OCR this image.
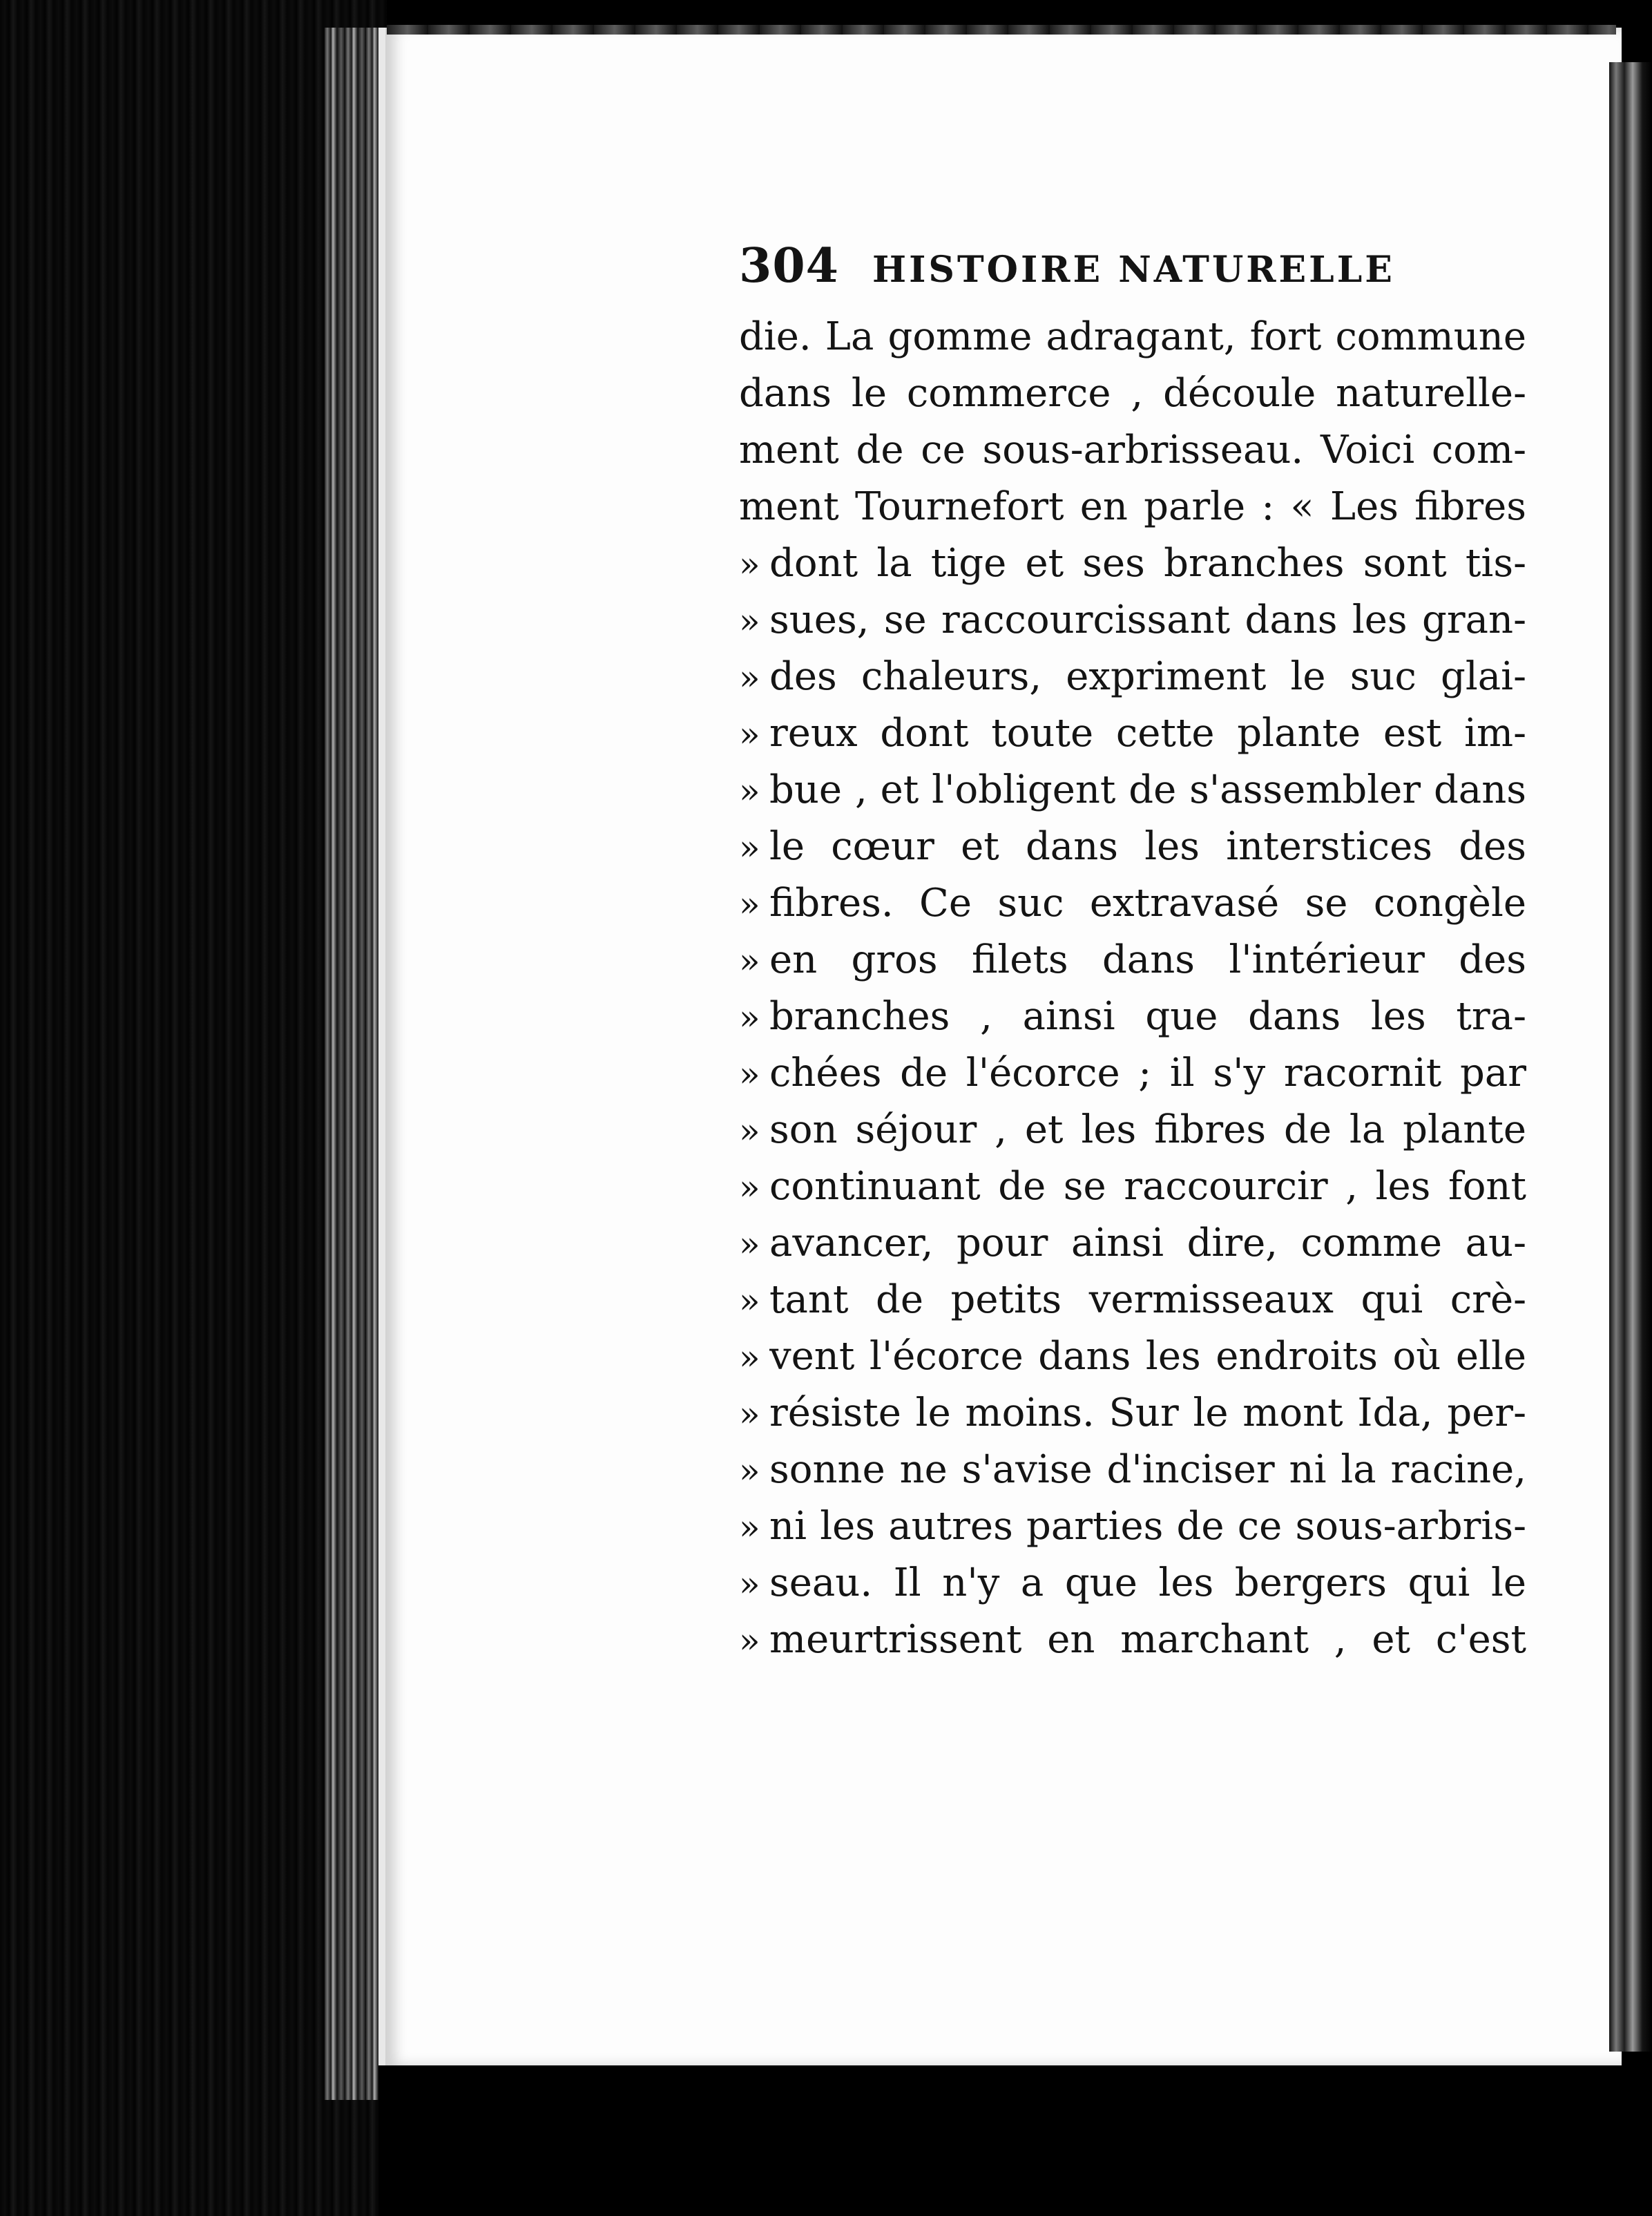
304 HISTOIRE NATURELLE
die. La gomme adragant, fort commune
dans le commerce , découle naturelle-
ment de ce sous-arbrisseau. Voici com-
ment Tournefort en parle : « Les fibres
» dont la tige et ses branches sont tis-
» sues, se raccourcissant dans les gran-
» des chaleurs, expriment le suc glai-
» reux dont toute cette plante est im-
» bue , et l'obligent de s'assembler dans
» le cœur et dans les interstices des
» fibres. Ce suc extravasé se congèle
» en gros filets dans l'intérieur des
» branches , ainsi que dans les tra-
» chées de l'écorce ; il s'y racornit par
» son séjour , et les fibres de la plante
» continuant de se raccourcir , les font
» avancer, pour ainsi dire, comme au-
» tant de petits vermisseaux qui crè-
» vent l'écorce dans les endroits où elle
» résiste le moins. Sur le mont Ida, per-
» sonne ne s'avise d'inciser ni la racine,
» ni les autres parties de ce sous-arbris-
» seau. Il n'y a que les bergers qui le
» meurtrissent en marchant , et c'est
